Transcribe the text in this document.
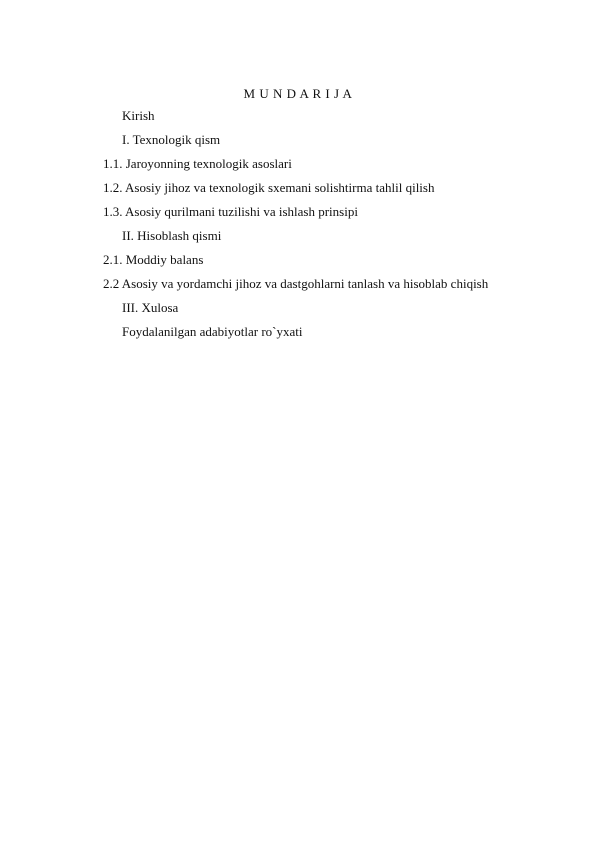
M U N D A R I J A
Kirish
I. Texnologik qism
1.1. Jaroyonning texnologik asoslari
1.2. Asosiy jihoz va texnologik sxemani solishtirma tahlil qilish
1.3. Asosiy qurilmani tuzilishi va ishlash prinsipi
II. Hisoblash qismi
2.1. Moddiy balans
2.2 Asosiy va yordamchi jihoz va dastgohlarni tanlash va hisoblab chiqish
III. Xulosa
Foydalanilgan adabiyotlar ro`yxati
